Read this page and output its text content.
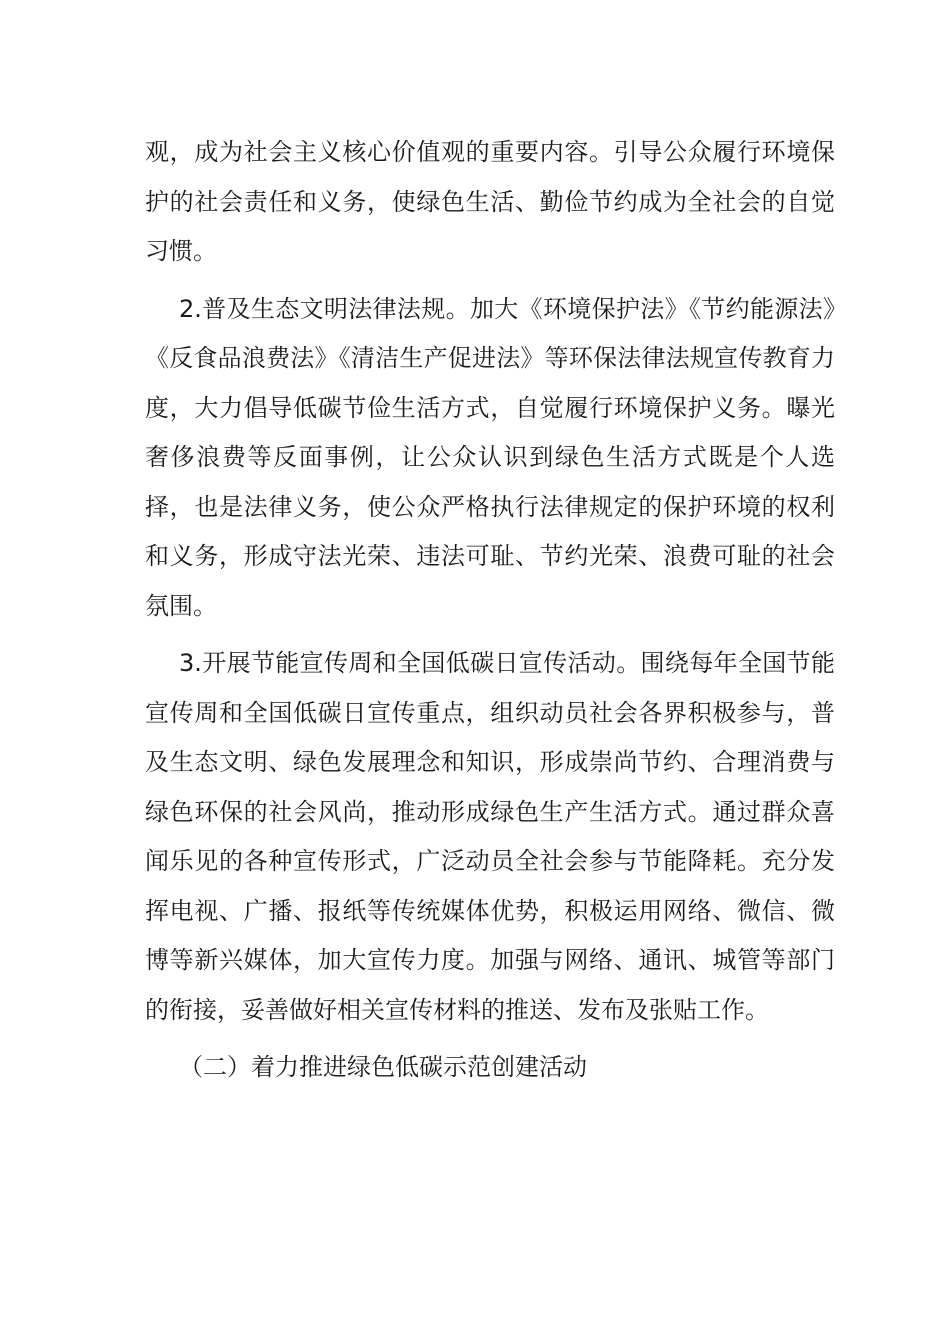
观，成为社会主义核心价值观的重要内容。引导公众履行环境保护的社会责任和义务，使绿色生活、勤俭节约成为全社会的自觉习惯。

2.普及生态文明法律法规。加大《环境保护法》《节约能源法》《反食品浪费法》《清洁生产促进法》等环保法律法规宣传教育力度，大力倡导低碳节俭生活方式，自觉履行环境保护义务。曝光奢侈浪费等反面事例，让公众认识到绿色生活方式既是个人选择，也是法律义务，使公众严格执行法律规定的保护环境的权利和义务，形成守法光荣、违法可耻、节约光荣、浪费可耻的社会氛围。

3.开展节能宣传周和全国低碳日宣传活动。围绕每年全国节能宣传周和全国低碳日宣传重点，组织动员社会各界积极参与，普及生态文明、绿色发展理念和知识，形成崇尚节约、合理消费与绿色环保的社会风尚，推动形成绿色生产生活方式。通过群众喜闻乐见的各种宣传形式，广泛动员全社会参与节能降耗。充分发挥电视、广播、报纸等传统媒体优势，积极运用网络、微信、微博等新兴媒体，加大宣传力度。加强与网络、通讯、城管等部门的衔接，妥善做好相关宣传材料的推送、发布及张贴工作。

（二）着力推进绿色低碳示范创建活动
